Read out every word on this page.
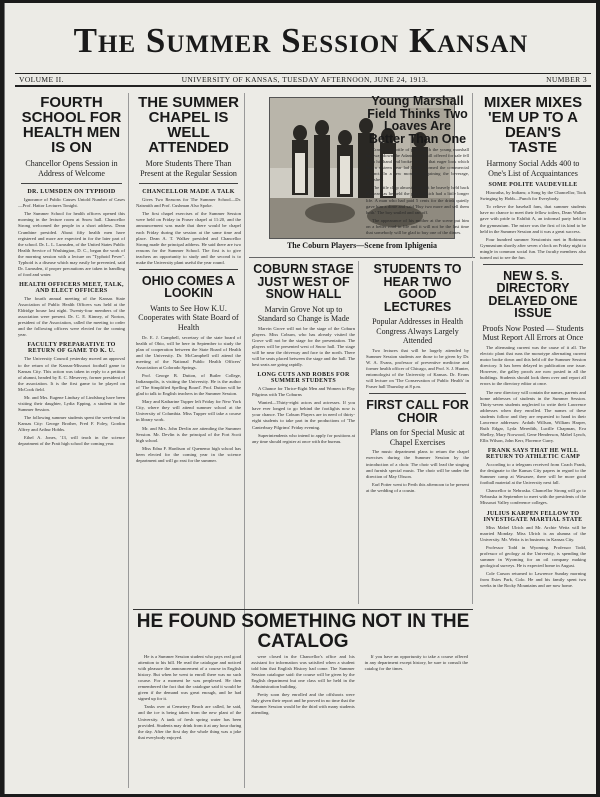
The Summer Session Kansan
VOLUME II.	UNIVERSITY OF KANSAS, TUESDAY AFTERNOON, JUNE 24, 1913.	NUMBER 3
FOURTH SCHOOL FOR HEALTH MEN IS ON
Chancellor Opens Session in Address of Welcome
DR. LUMSDEN ON TYPHOID

Ignorance of Public Causes Untold Number of Cases—Prof. Hattor Lectures Tonight.

The Summer School for health officers opened this morning in the lecture room at Snow hall. Chancellor Strong welcomed the people in a short address. Dean Crumbine presided. About fifty health men have registered and more are expected in for the later part of the school. Dr. L. L. Lumsden, of the United States Public Health Service of Washington, D. C., began the work of the morning session with a lecture on "Typhoid Fever". Typhoid is a disease which may easily be prevented, said Dr. Lumsden, if proper precautions are taken in handling of food and water.

HEALTH OFFICERS MEET, TALK, AND ELECT OFFICERS

The fourth annual meeting of the Kansas State Association of Public Health Officers was held at the Eldridge house last night. Twenty-four members of the association were present. Dr. C. E. Kinney, of Norton, president of the Association, called the meeting to order and the following officers were elected for the coming year.

FACULTY PREPARATIVE TO RETURN OF GAME TO K. U.

The University Council yesterday moved an approval to the return of the Kansas-Missouri football game to Kansas City. This action was taken in reply to a petition of alumni, headed by E. C. Meservey, former president of the association. It is the first game to be played on McCook field.

Mr. and Mrs. Eugene Lindsay of Lindsborg have been visiting their daughter, Lydia Epping, a student in the Summer Session.

The following summer students spent the week-end in Kansas City: George Brother, Fred F. Foley, Gordon Alfrey and Arthur Hobbs.

Ethel A. Jones, '13, will teach in the science department of the Pratt high school the coming year.

THE SUMMER CHAPEL IS WELL ATTENDED
More Students There Than Present at the Regular Session
CHANCELLOR MADE A TALK

Gives Two Reasons for The Summer School—Dr. Naismith and Prof. Cushman Also Spoke.

The first chapel exercises of the Summer Session were held on Friday in Fraser chapel at 11:20, and the announcement was made that there would be chapel each Friday during the session at the same time and place. Dean A. T. Walker presided and Chancellor Strong made the principal address. He said there are two reasons for the Summer School. The first is to give teachers an opportunity to study and the second is to make the University plant useful the year round.

OHIO COMES A LOOKIN
Wants to See How K.U. Cooperates with State Board of Health

Dr. E. J. Campbell, secretary of the state board of health of Ohio, will be here in September to study the plan of cooperation between the State Board of Health and the University. Dr. McCampbell will attend the meeting of the National Public Health Officers' Association at Colorado Springs.

Prof. George B. Dutton, of Butler College, Indianapolis, is visiting the University. He is the author of 'The Simplified Spelling Board'. Prof. Dutton will be glad to talk to English teachers in the Summer Session.

Mary and Katharine Tupper left Friday for New York City, where they will attend summer school at the University of Columbia. Miss Tupper will take a course in library work.

Mr. and Mrs. John Devlin are attending the Summer Session. Mr. Devlin is the principal of the Fort Scott high school.

Miss Edna F. Hardison of Quenemo high school has been elected for the coming year in the science department and will go east for the summer.

The Coburn Players—Scene from Iphigenia
COBURN STAGE JUST WEST OF SNOW HALL
Marvin Grove Not up to Standard so Change is Made

Marvin Grove will not be the stage of the Coburn players. Miss Coburn, who has already visited the Grove will not be the stage for the presentation. The players will be presented west of Snow hall. The stage will be near the driveway and face to the north. There will be seats placed between the stage and the hall. The best seats are going rapidly.

LONG CUTS AND ROBES FOR SUMMER STUDENTS

A Chance for Thrice-Eight Men and Women to Play Pilgrims with The Coburns

Wanted—Thirty-eight actors and actresses. If you have ever longed to go behind the footlights now is your chance. The Coburn Players are in need of thirty-eight students to take part in the productions of 'The Canterbury Pilgrims' Friday evening.

Superintendents who intend to apply for positions at any time should register at once with the bureau.

STUDENTS TO HEAR TWO GOOD LECTURES
Popular Addresses in Health Congress Always Largely Attended

Two lectures that will be largely attended by Summer Session students are those to be given by Dr. W. A. Evans, professor of preventive medicine and former health officer of Chicago, and Prof. S. J. Hunter, entomologist of the University of Kansas. Dr. Evans will lecture on 'The Conservation of Public Health' in Fraser hall Thursday at 8 p.m.

FIRST CALL FOR CHOIR
Plans on for Special Music at Chapel Exercises

The music department plans to return the chapel exercises during the Summer Session by the introduction of a choir. The choir will lead the singing and furnish special music. The choir will be under the direction of May Olsson.

Earl Potter went to Perth this afternoon to be present at the wedding of a cousin.

HE FOUND SOMETHING NOT IN THE CATALOG

He is a Summer Session student who pays real good attention to his bill. He read the catalogue and noticed with pleasure the announcement of a course in English history. But when he went to enroll there was no such course. For a moment he was perplexed. He then remembered the fact that the catalogue said it would be given if the demand was great enough, and he had signed up for it.

Tanks over at Cemetery Beach are called, he said, and the ice is being taken from the new plant of the University. A tank of fresh spring water has been provided. Students may drink from it at any hour during the day. After the first day the whole thing was a joke that everybody enjoyed.

were closed in the Chancellor's office and his assistant for information was satisfied when a student told him that English History had come. The Summer Session catalogue said: the course will be given by the English department but one class will be held in the Administration building.

Pretty soon they enrolled and the offshoots were duly given their report and he proved in no time that the Summer Session would be the third with many students attending.

If you have an opportunity to take a course offered in any department except history, be sure to consult the catalog for the times.

Young Marshall Field Thinks Two Loaves Are Better Than One

Crash! the bottle of pop which the young marshall hall way down the Adams street hill offered for sale fell from his hand and broke. With it that eager look which lent a sixteen year lad hardly formed the commercial instinct. In a few moments regaining the beverage, vanished.

The little chap almost cried but he bravely held back the tears as he held the paper which had a little longer life. A man who had paid 5 cents for the drink quietly gave him a dime and said 'Buy two more and sell them both.' The boy smiled and ran off.

The appearance of his mother at the scene put him on a better road in life and it will not be the last time that somebody will be glad to buy one of the dimes.

MIXER MIXES 'EM UP TO A DEAN'S TASTE
Harmony Social Adds 400 to One's List of Acquaintances
SOME POLITE VAUDEVILLE

Hiawatha, by Indians; a Song by the Chancellor, Took Swinging by Hobb—Punch for Everybody.

To relieve the baseball fans, that summer students have no chance to meet their fellow toilers, Dean Walker gave with pride to Exhibit A, an informal party held in the gymnasium. The mixer was the first of its kind to be held in the Summer Session and it was a great success.

Four hundred summer Sessionists met in Robinson Gymnasium shortly after seven o'clock on Friday night to mingle in common social fun. The faculty members also turned out to see the fun.

NEW S. S. DIRECTORY DELAYED ONE ISSUE
Proofs Now Posted — Students Must Report All Errors at Once

The alternating current was the cause of it all. The electric plant that runs the monotype alternating current motor broke down and this held off the Summer Session directory. It has been delayed in publication one issue. However, the galley proofs are now posted in all the buildings. Students should look them over and report all errors to the directory editor at once.

The new directory will contain the names, parents and home addresses of students in the Summer Session. Thirty-seven students neglected to write their Lawrence addresses when they enrolled. The names of these students follow and they are requested to hand in their Lawrence addresses: Ardath Willson, William Harper, Ruth Edgar, Lyda Meredith, Lucille Chapman, Eva Shelley, Mary Norwood, Gene Henderson, Mabel Lynch, Ellis Wilson, John Kerr, Florence Curry.

FRANK SAYS THAT HE WILL RETURN TO ATHLETIC CAMP

According to a telegram received from Coach Frank, the designate to the Kansas City papers in regard to the Summer camp at Wawasee, there will be more good football material at the University next fall.

Chancellor to Nebraska. Chancellor Strong will go to Nebraska in September to meet with the presidents of the Missouri Valley conference colleges.

JULIUS KARPEN FELLOW TO INVESTIGATE MARTIAL STATE

Miss Mabel Ulrich and Mr. Archie Weitz will be married Monday. Miss Ulrich is an alumna of the University. Mr. Weitz is in business in Kansas City.

Professor Todd in Wyoming. Professor Todd, professor of geology at the University, is spending the summer in Wyoming for an oil company making geological surveys. He is expected home in August.

Cole Carson returned to Lawrence Sunday morning from Estes Park, Colo. He and his family spent two weeks in the Rocky Mountains and are now home.
